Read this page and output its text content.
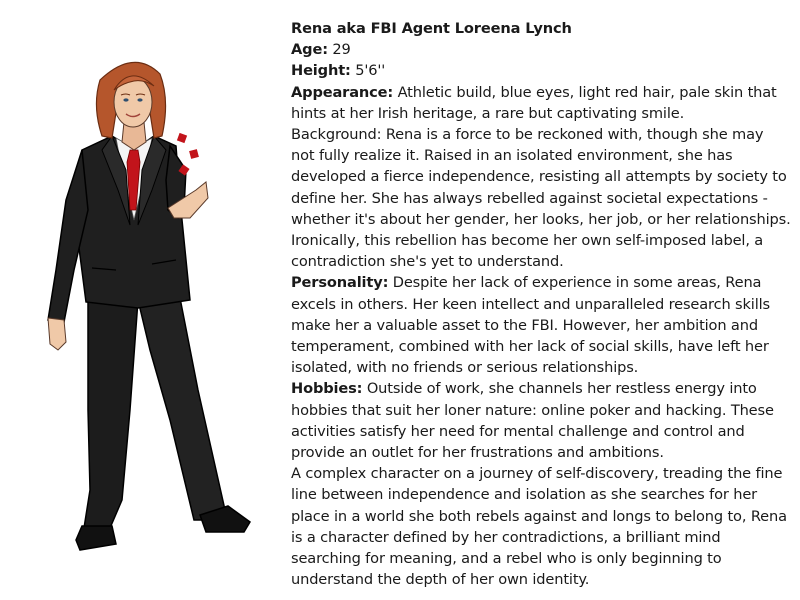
Rena aka FBI Agent Loreena Lynch

Age: 29

Height: 5'6''

Appearance: Athletic build, blue eyes, light red hair, pale skin that hints at her Irish heritage, a rare but captivating smile.

Background: Rena is a force to be reckoned with, though she may not fully realize it. Raised in an isolated environment, she has developed a fierce independence, resisting all attempts by society to define her. She has always rebelled against societal expectations - whether it's about her gender, her looks, her job, or her relationships.

Ironically, this rebellion has become her own self-imposed label, a contradiction she's yet to understand.

Personality: Despite her lack of experience in some areas, Rena excels in others. Her keen intellect and unparalleled research skills make her a valuable asset to the FBI. However, her ambition and temperament, combined with her lack of social skills, have left her isolated, with no friends or serious relationships.

Hobbies: Outside of work, she channels her restless energy into hobbies that suit her loner nature: online poker and hacking. These activities satisfy her need for mental challenge and control and provide an outlet for her frustrations and ambitions.

A complex character on a journey of self-discovery, treading the fine line between independence and isolation as she searches for her place in a world she both rebels against and longs to belong to, Rena is a character defined by her contradictions, a brilliant mind searching for meaning, and a rebel who is only beginning to understand the depth of her own identity.
